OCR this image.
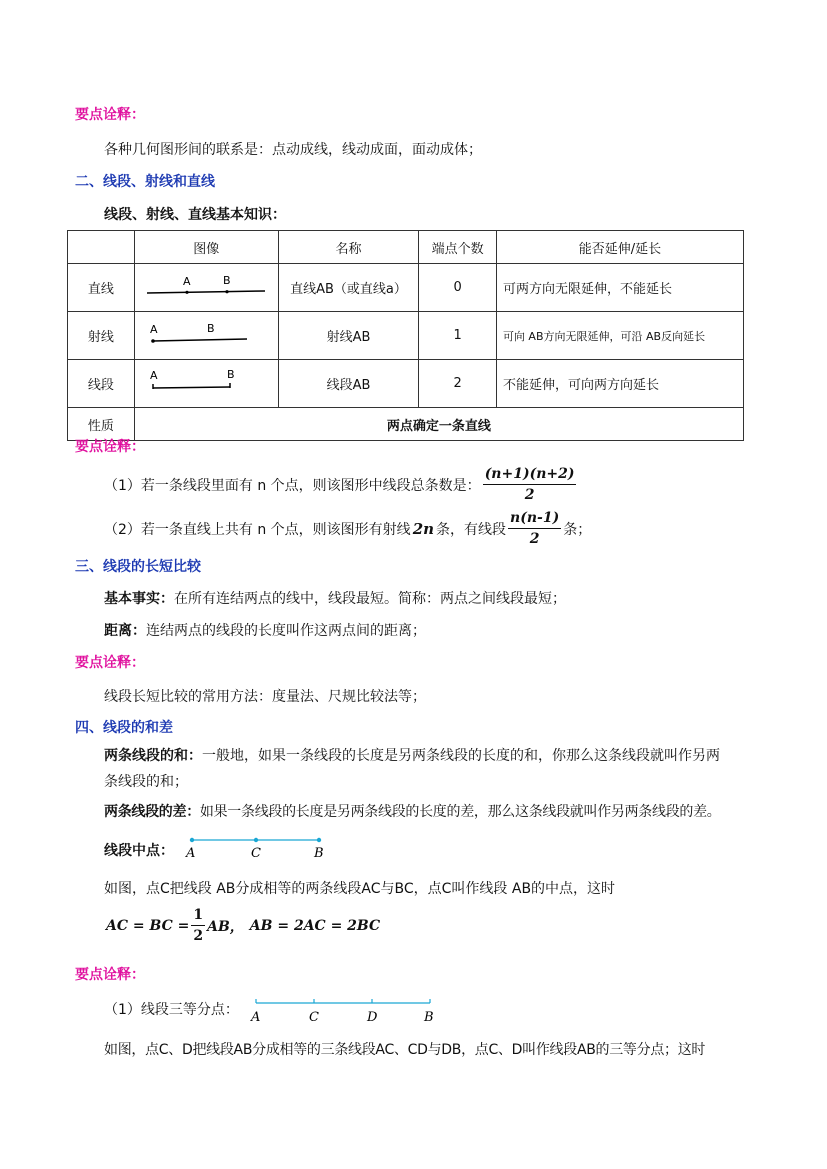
要点诠释：
各种几何图形间的联系是：点动成线，线动成面，面动成体；
二、线段、射线和直线
线段、射线、直线基本知识：
	图像	名称	端点个数	能否延伸/延长
直线	A B	直线AB（或直线a）	0	可两方向无限延伸，不能延长
射线	A B	射线AB	1	可向 AB方向无限延伸，可沿 AB反向延长
线段	A B	线段AB	2	不能延伸，可向两方向延长
性质	两点确定一条直线			
要点诠释：
（1）若一条线段里面有 n 个点，则该图形中线段总条数是： $\frac{(n+1)(n+2)}{2}$
（2）若一条直线上共有 n 个点，则该图形有射线 2n 条，有线段 $\frac{n(n-1)}{2}$ 条；
三、线段的长短比较
基本事实：在所有连结两点的线中，线段最短。简称：两点之间线段最短；
距离：连结两点的线段的长度叫作这两点间的距离；
要点诠释：
线段长短比较的常用方法：度量法、尺规比较法等；
四、线段的和差
两条线段的和：一般地，如果一条线段的长度是另两条线段的长度的和，你那么这条线段就叫作另两
条线段的和；
两条线段的差：如果一条线段的长度是另两条线段的长度的差，那么这条线段就叫作另两条线段的差。
线段中点： A	C	B
如图，点C把线段 AB分成相等的两条线段AC与BC，点C叫作线段 AB的中点，这时
AC = BC = $\frac{1}{2}$ AB， AB = 2AC = 2BC
要点诠释：
（1）线段三等分点： A	C	D	B
如图，点C、D把线段AB分成相等的三条线段AC、CD与DB，点C、D叫作线段AB的三等分点；这时
